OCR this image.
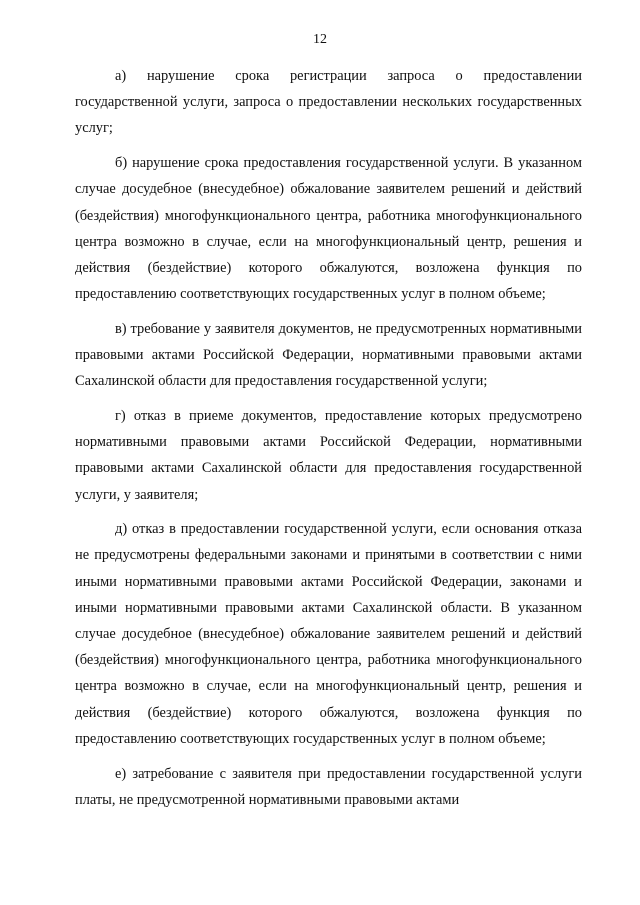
12

а) нарушение срока регистрации запроса о предоставлении государственной услуги, запроса о предоставлении нескольких государственных услуг;

б) нарушение срока предоставления государственной услуги. В указанном случае досудебное (внесудебное) обжалование заявителем решений и действий (бездействия) многофункционального центра, работника многофункционального центра возможно в случае, если на многофункциональный центр, решения и действия (бездействие) которого обжалуются, возложена функция по предоставлению соответствующих государственных услуг в полном объеме;

в) требование у заявителя документов, не предусмотренных нормативными правовыми актами Российской Федерации, нормативными правовыми актами Сахалинской области для предоставления государственной услуги;

г) отказ в приеме документов, предоставление которых предусмотрено нормативными правовыми актами Российской Федерации, нормативными правовыми актами Сахалинской области для предоставления государственной услуги, у заявителя;

д) отказ в предоставлении государственной услуги, если основания отказа не предусмотрены федеральными законами и принятыми в соответствии с ними иными нормативными правовыми актами Российской Федерации, законами и иными нормативными правовыми актами Сахалинской области. В указанном случае досудебное (внесудебное) обжалование заявителем решений и действий (бездействия) многофункционального центра, работника многофункционального центра возможно в случае, если на многофункциональный центр, решения и действия (бездействие) которого обжалуются, возложена функция по предоставлению соответствующих государственных услуг в полном объеме;

е) затребование с заявителя при предоставлении государственной услуги платы, не предусмотренной нормативными правовыми актами
